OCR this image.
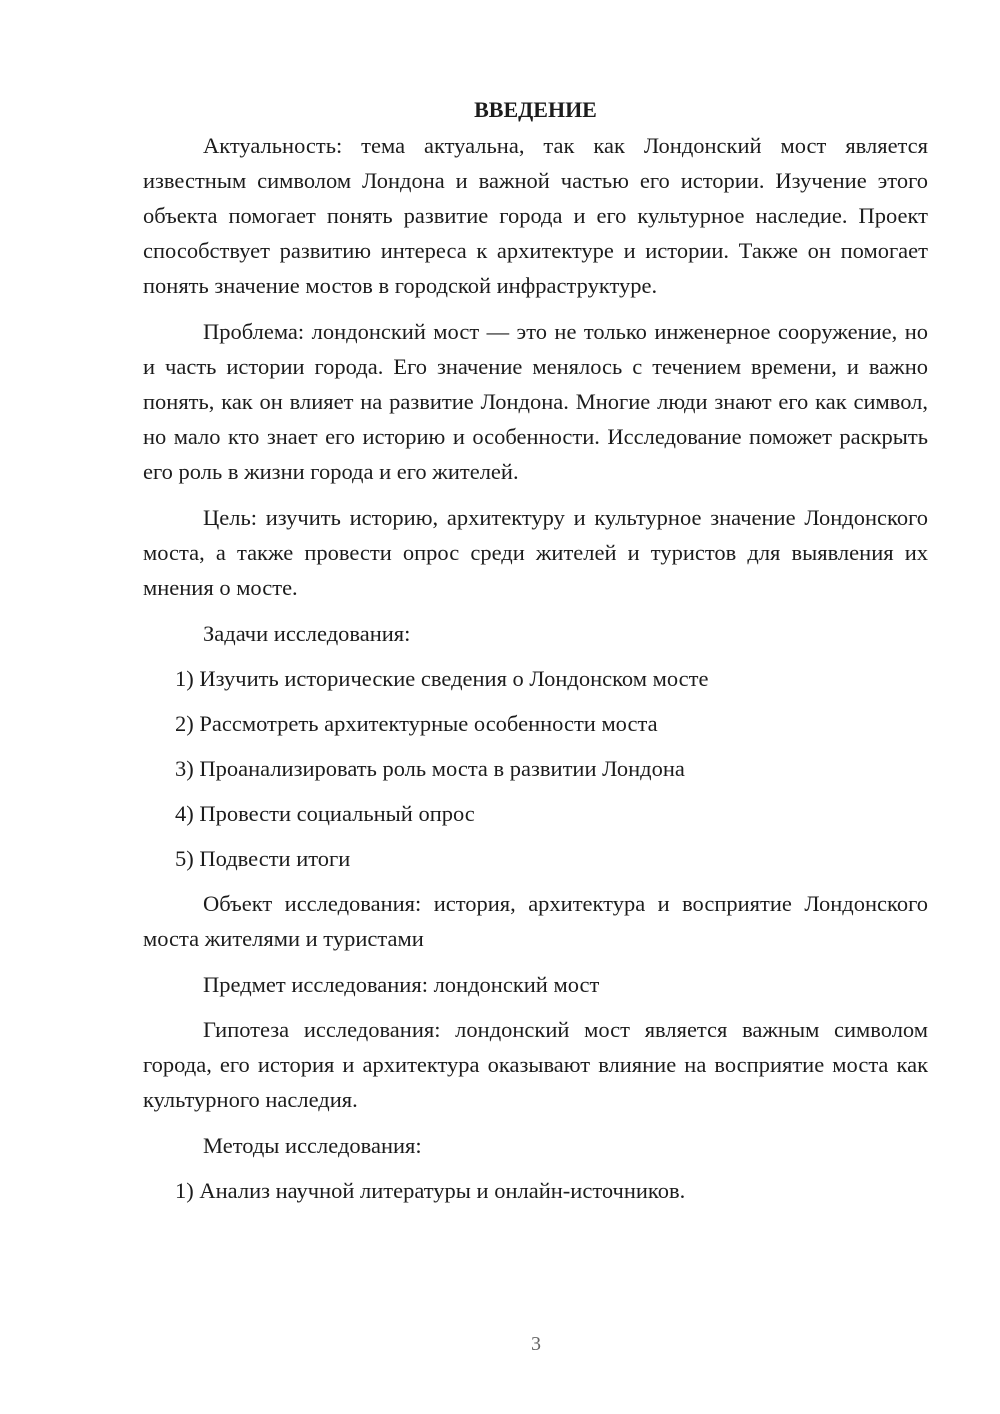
ВВЕДЕНИЕ

Актуальность: тема актуальна, так как Лондонский мост является известным символом Лондона и важной частью его истории. Изучение этого объекта помогает понять развитие города и его культурное наследие. Проект способствует развитию интереса к архитектуре и истории. Также он помогает понять значение мостов в городской инфраструктуре.

Проблема: лондонский мост — это не только инженерное сооружение, но и часть истории города. Его значение менялось с течением времени, и важно понять, как он влияет на развитие Лондона. Многие люди знают его как символ, но мало кто знает его историю и особенности. Исследование поможет раскрыть его роль в жизни города и его жителей.

Цель: изучить историю, архитектуру и культурное значение Лондонского моста, а также провести опрос среди жителей и туристов для выявления их мнения о мосте.

Задачи исследования:
1) Изучить исторические сведения о Лондонском мосте
2) Рассмотреть архитектурные особенности моста
3) Проанализировать роль моста в развитии Лондона
4) Провести социальный опрос
5) Подвести итоги

Объект исследования: история, архитектура и восприятие Лондонского моста жителями и туристами

Предмет исследования: лондонский мост

Гипотеза исследования: лондонский мост является важным символом города, его история и архитектура оказывают влияние на восприятие моста как культурного наследия.

Методы исследования:
1) Анализ научной литературы и онлайн-источников.
3
